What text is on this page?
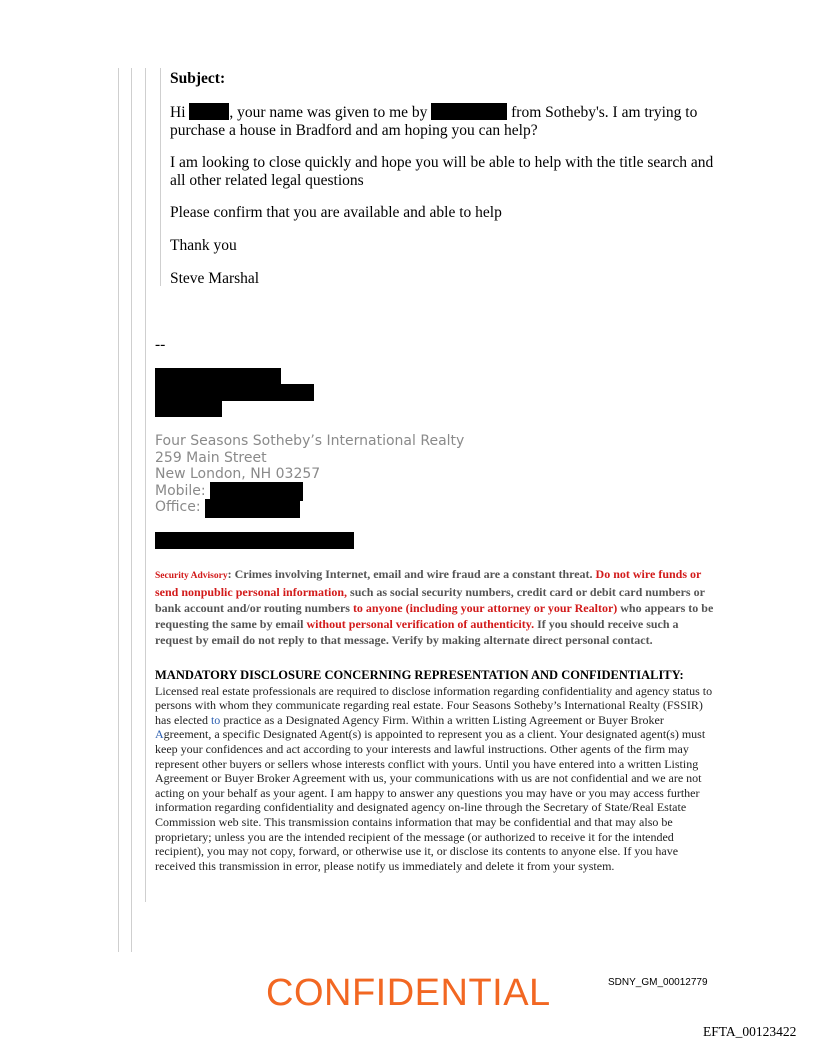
Subject:

Hi	, your name was given to me by	from Sotheby's. I am trying to purchase a house in Bradford and am hoping you can help?

I am looking to close quickly and hope you will be able to help with the title search and all other related legal questions

Please confirm that you are available and able to help

Thank you

Steve Marshal

--

Four Seasons Sotheby’s International Realty
259 Main Street
New London, NH 03257
Mobile:
Office:
Security Advisory: Crimes involving Internet, email and wire fraud are a constant threat. Do not wire funds or send nonpublic personal information, such as social security numbers, credit card or debit card numbers or bank account and/or routing numbers to anyone (including your attorney or your Realtor) who appears to be requesting the same by email without personal verification of authenticity. If you should receive such a request by email do not reply to that message. Verify by making alternate direct personal contact.
MANDATORY DISCLOSURE CONCERNING REPRESENTATION AND CONFIDENTIALITY:
Licensed real estate professionals are required to disclose information regarding confidentiality and agency status to persons with whom they communicate regarding real estate. Four Seasons Sotheby’s International Realty (FSSIR) has elected to practice as a Designated Agency Firm. Within a written Listing Agreement or Buyer Broker Agreement, a specific Designated Agent(s) is appointed to represent you as a client. Your designated agent(s) must keep your confidences and act according to your interests and lawful instructions. Other agents of the firm may represent other buyers or sellers whose interests conflict with yours. Until you have entered into a written Listing Agreement or Buyer Broker Agreement with us, your communications with us are not confidential and we are not acting on your behalf as your agent. I am happy to answer any questions you may have or you may access further information regarding confidentiality and designated agency on-line through the Secretary of State/Real Estate Commission web site. This transmission contains information that may be confidential and that may also be proprietary; unless you are the intended recipient of the message (or authorized to receive it for the intended recipient), you may not copy, forward, or otherwise use it, or disclose its contents to anyone else. If you have received this transmission in error, please notify us immediately and delete it from your system.
CONFIDENTIAL	SDNY_GM_00012779
EFTA_00123422
